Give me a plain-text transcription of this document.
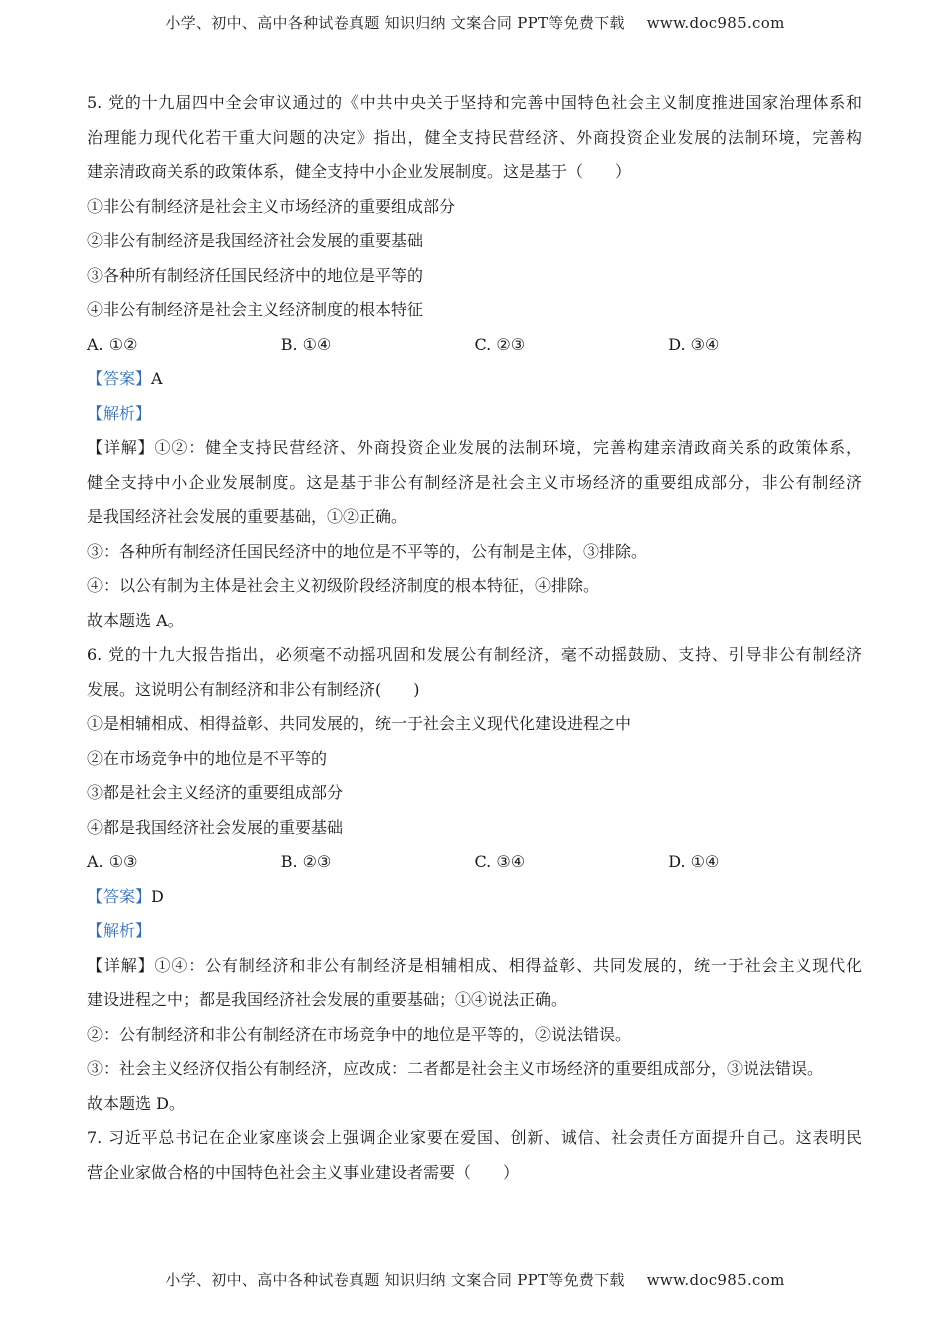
小学、初中、高中各种试卷真题 知识归纳 文案合同 PPT等免费下载 www.doc985.com
5. 党的十九届四中全会审议通过的《中共中央关于坚持和完善中国特色社会主义制度推进国家治理体系和
治理能力现代化若干重大问题的决定》指出，健全支持民营经济、外商投资企业发展的法制环境，完善构
建亲清政商关系的政策体系，健全支持中小企业发展制度。这是基于（　　）
①非公有制经济是社会主义市场经济的重要组成部分
②非公有制经济是我国经济社会发展的重要基础
③各种所有制经济任国民经济中的地位是平等的
④非公有制经济是社会主义经济制度的根本特征
A. ①②	B. ①④	C. ②③	D. ③④
【答案】A
【解析】
【详解】①②：健全支持民营经济、外商投资企业发展的法制环境，完善构建亲清政商关系的政策体系，
健全支持中小企业发展制度。这是基于非公有制经济是社会主义市场经济的重要组成部分，非公有制经济
是我国经济社会发展的重要基础，①②正确。
③：各种所有制经济任国民经济中的地位是不平等的，公有制是主体，③排除。
④：以公有制为主体是社会主义初级阶段经济制度的根本特征，④排除。
故本题选 A。
6. 党的十九大报告指出，必须毫不动摇巩固和发展公有制经济，毫不动摇鼓励、支持、引导非公有制经济
发展。这说明公有制经济和非公有制经济(　　)
①是相辅相成、相得益彰、共同发展的，统一于社会主义现代化建设进程之中
②在市场竞争中的地位是不平等的
③都是社会主义经济的重要组成部分
④都是我国经济社会发展的重要基础
A. ①③	B. ②③	C. ③④	D. ①④
【答案】D
【解析】
【详解】①④：公有制经济和非公有制经济是相辅相成、相得益彰、共同发展的，统一于社会主义现代化
建设进程之中；都是我国经济社会发展的重要基础；①④说法正确。
②：公有制经济和非公有制经济在市场竞争中的地位是平等的，②说法错误。
③：社会主义经济仅指公有制经济，应改成：二者都是社会主义市场经济的重要组成部分，③说法错误。
故本题选 D。
7. 习近平总书记在企业家座谈会上强调企业家要在爱国、创新、诚信、社会责任方面提升自己。这表明民
营企业家做合格的中国特色社会主义事业建设者需要（　　）
小学、初中、高中各种试卷真题 知识归纳 文案合同 PPT等免费下载 www.doc985.com
